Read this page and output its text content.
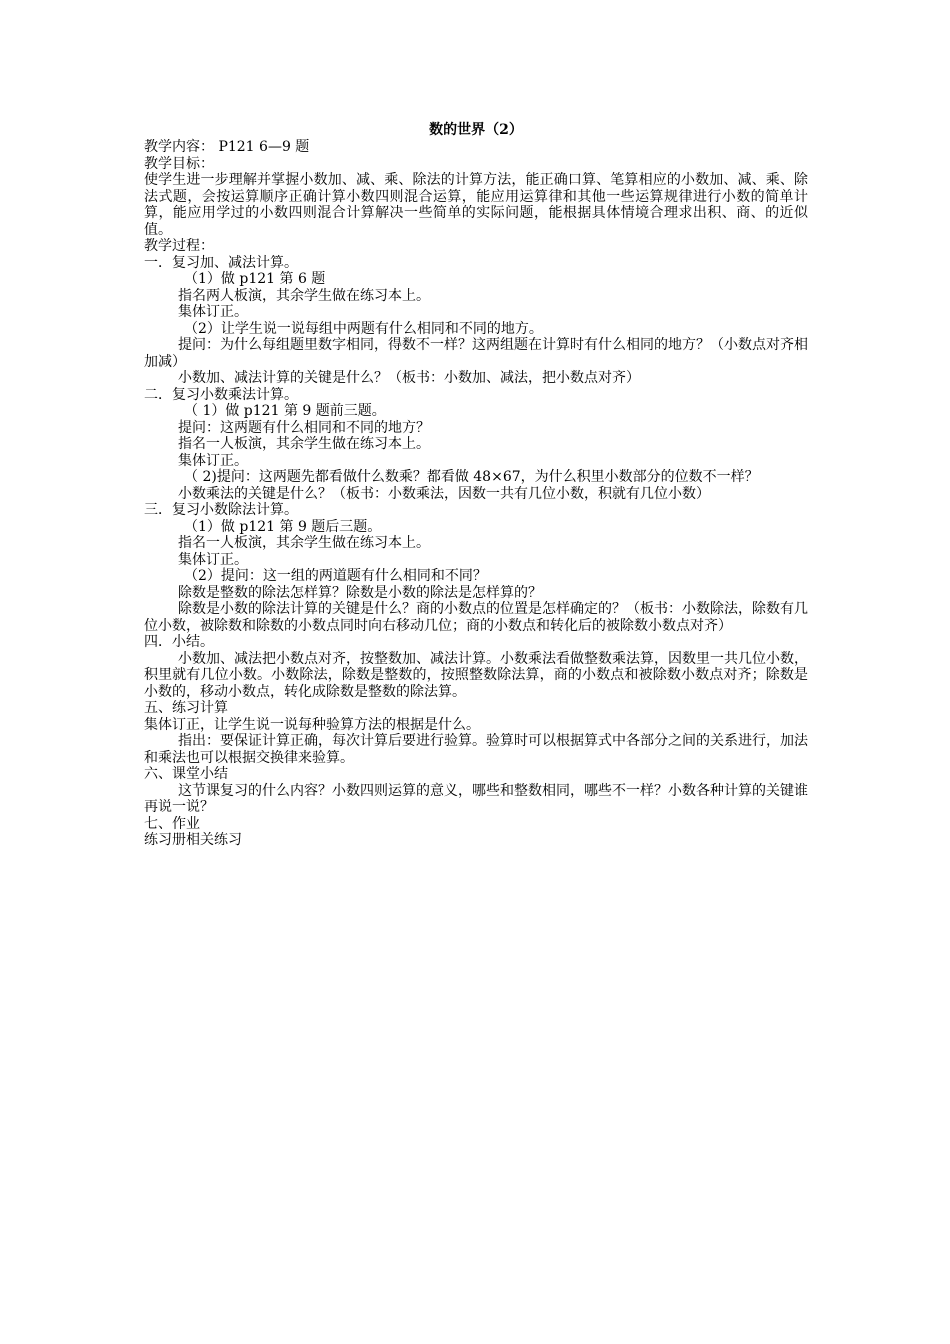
数的世界（2）
教学内容： P121 6—9 题
教学目标：
使学生进一步理解并掌握小数加、减、乘、除法的计算方法，能正确口算、笔算相应的小数加、减、乘、除法式题，会按运算顺序正确计算小数四则混合运算，能应用运算律和其他一些运算规律进行小数的简单计算，能应用学过的小数四则混合计算解决一些简单的实际问题，能根据具体情境合理求出积、商、的近似值。
教学过程：
一．复习加、减法计算。
（1）做 p121 第 6 题
指名两人板演，其余学生做在练习本上。
集体订正。
（2）让学生说一说每组中两题有什么相同和不同的地方。
提问：为什么每组题里数字相同，得数不一样？这两组题在计算时有什么相同的地方？（小数点对齐相加减）
小数加、减法计算的关键是什么？（板书：小数加、减法，把小数点对齐）
二．复习小数乘法计算。
（ 1）做 p121 第 9 题前三题。
提问：这两题有什么相同和不同的地方？
指名一人板演，其余学生做在练习本上。
集体订正。
（ 2)提问：这两题先都看做什么数乘？都看做 48×67，为什么积里小数部分的位数不一样？
小数乘法的关键是什么？（板书：小数乘法，因数一共有几位小数，积就有几位小数）
三．复习小数除法计算。
（1）做 p121 第 9 题后三题。
指名一人板演，其余学生做在练习本上。
集体订正。
（2）提问：这一组的两道题有什么相同和不同？
除数是整数的除法怎样算？除数是小数的除法是怎样算的？
除数是小数的除法计算的关键是什么？商的小数点的位置是怎样确定的？（板书：小数除法，除数有几位小数，被除数和除数的小数点同时向右移动几位；商的小数点和转化后的被除数小数点对齐）
四．小结。
小数加、减法把小数点对齐，按整数加、减法计算。小数乘法看做整数乘法算，因数里一共几位小数，积里就有几位小数。小数除法，除数是整数的，按照整数除法算，商的小数点和被除数小数点对齐；除数是小数的，移动小数点，转化成除数是整数的除法算。
五、练习计算
集体订正，让学生说一说每种验算方法的根据是什么。
指出：要保证计算正确，每次计算后要进行验算。验算时可以根据算式中各部分之间的关系进行，加法和乘法也可以根据交换律来验算。
六、课堂小结
这节课复习的什么内容？小数四则运算的意义，哪些和整数相同，哪些不一样？小数各种计算的关键谁再说一说？
七、作业
练习册相关练习
